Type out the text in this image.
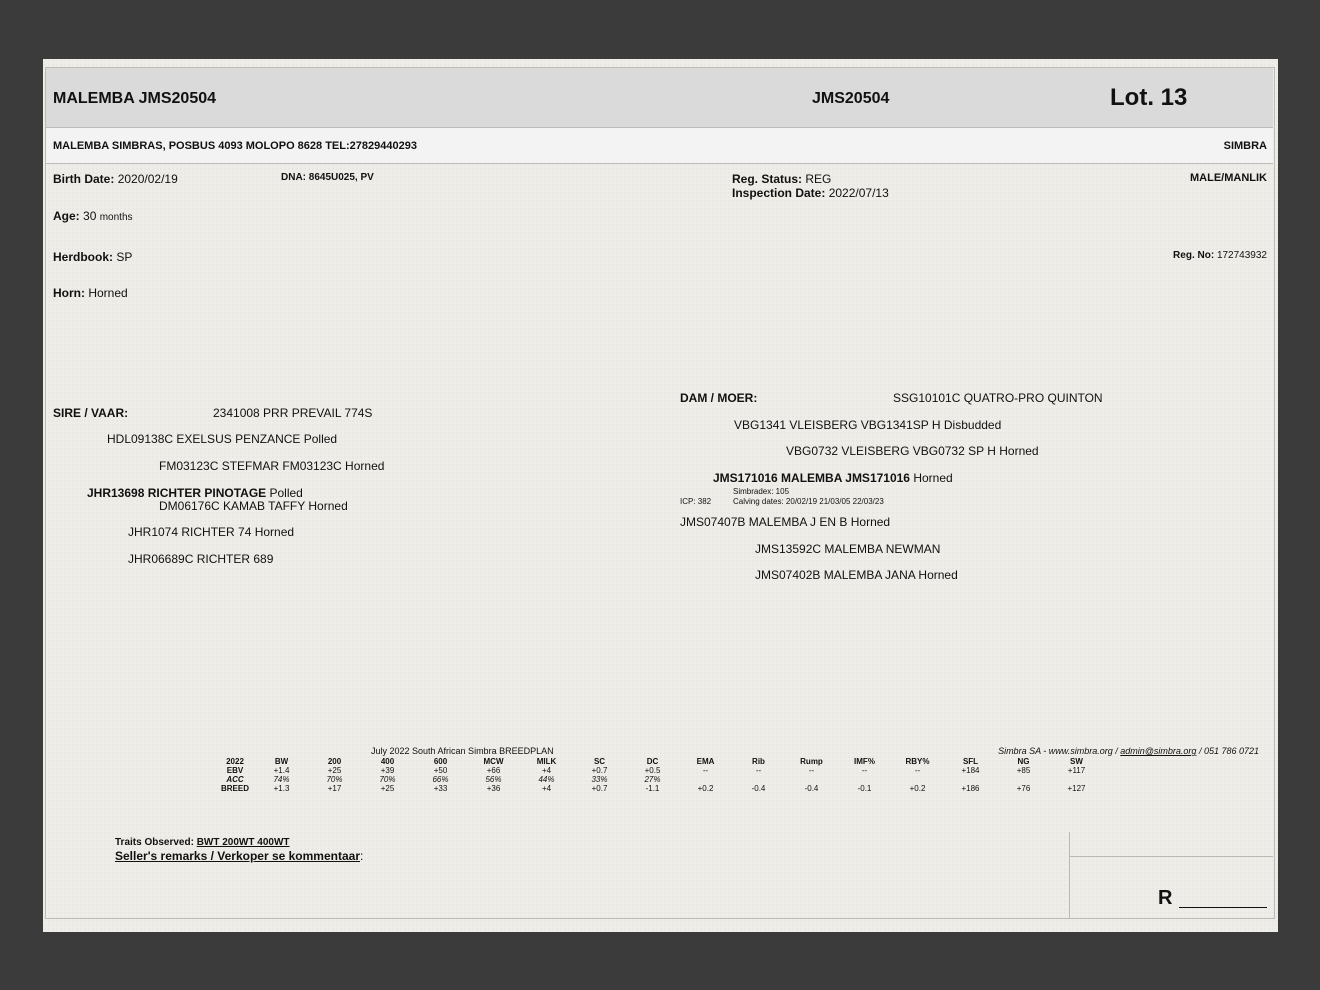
MALEMBA JMS20504	JMS20504	Lot. 13
MALEMBA SIMBRAS, POSBUS 4093 MOLOPO 8628 TEL:27829440293	SIMBRA
Birth Date: 2020/02/19	DNA: 8645U025, PV	Reg. Status: REG
Inspection Date: 2022/07/13
MALE/MANLIK
Age: 30 months
Herdbook: SP	Reg. No: 172743932
Horn: Horned
SIRE / VAAR:	2341008 PRR PREVAIL 774S
HDL09138C EXELSUS PENZANCE Polled
FM03123C STEFMAR FM03123C Horned
JHR13698 RICHTER PINOTAGE Polled
DM06176C KAMAB TAFFY Horned
JHR1074 RICHTER 74 Horned
JHR06689C RICHTER 689
DAM / MOER:	SSG10101C QUATRO-PRO QUINTON
VBG1341 VLEISBERG VBG1341SP H Disbudded
VBG0732 VLEISBERG VBG0732 SP H Horned
JMS171016 MALEMBA JMS171016 Horned
Simbradex: 105
ICP: 382	Calving dates: 20/02/19 21/03/05 22/03/23
JMS07407B MALEMBA J EN B Horned
JMS13592C MALEMBA NEWMAN
JMS07402B MALEMBA JANA Horned
July 2022 South African Simbra BREEDPLAN	Simbra SA - www.simbra.org / admin@simbra.org / 051 786 0721
2022	BW	200	400	600	MCW	MILK	SC	DC	EMA	Rib	Rump	IMF%	RBY%	SFL	NG	SW
EBV	+1.4	+25	+39	+50	+66	+4	+0.7	+0.5	--	--	--	--	--	+184	+85	+117
ACC	74%	70%	70%	66%	56%	44%	33%	27%								
BREED	+1.3	+17	+25	+33	+36	+4	+0.7	-1.1	+0.2	-0.4	-0.4	-0.1	+0.2	+186	+76	+127
Traits Observed: BWT 200WT 400WT
Seller's remarks / Verkoper se kommentaar:
R
